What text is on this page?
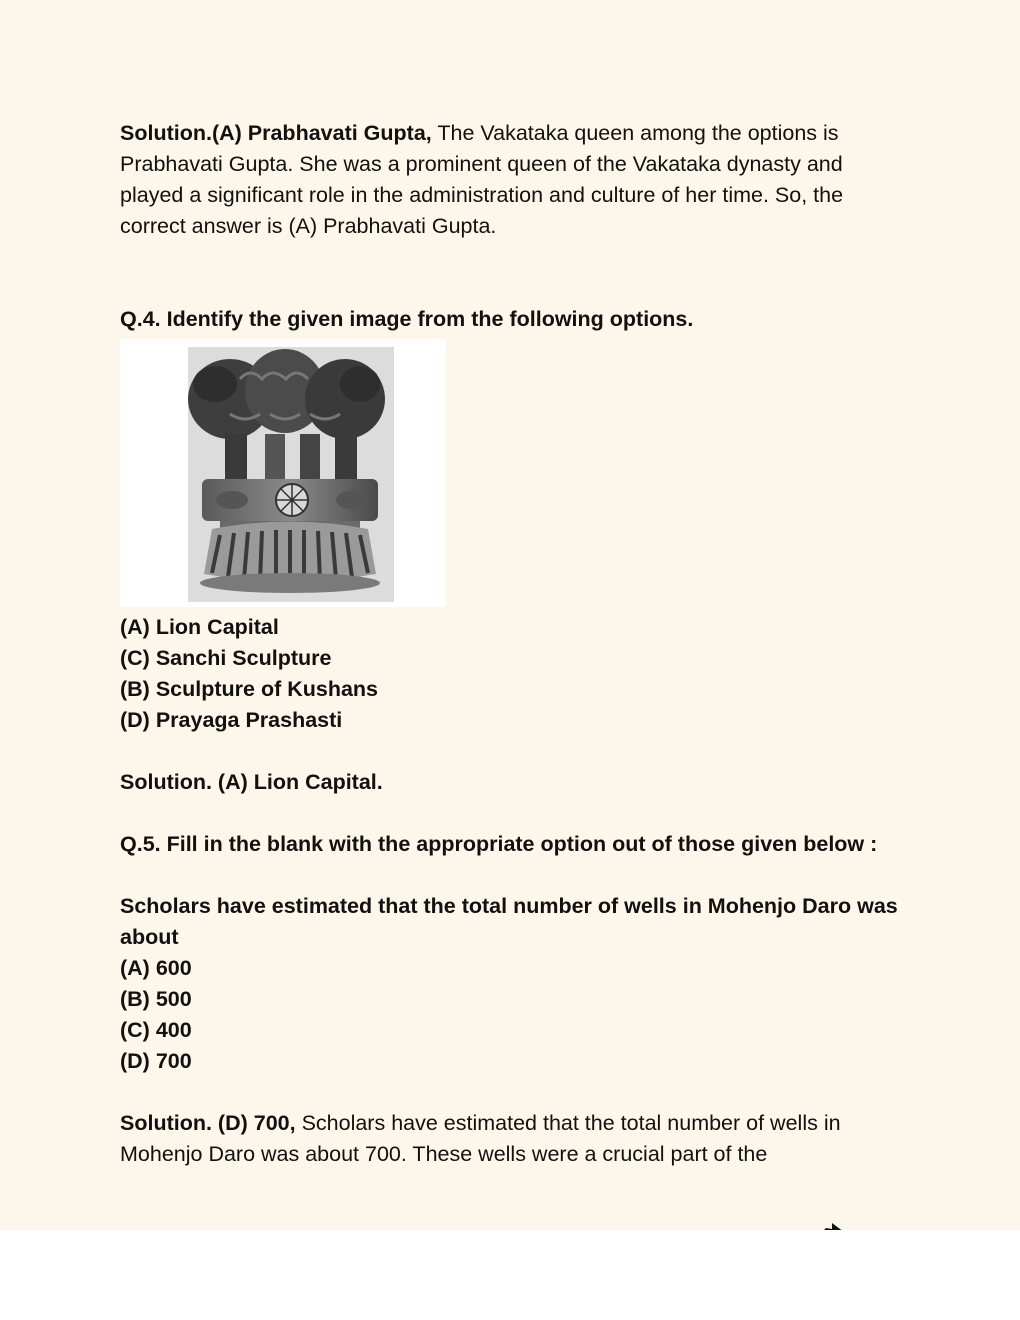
Solution.(A) Prabhavati Gupta, The Vakataka queen among the options is Prabhavati Gupta. She was a prominent queen of the Vakataka dynasty and played a significant role in the administration and culture of her time. So, the correct answer is (A) Prabhavati Gupta.

Q.4. Identify the given image from the following options.

(A) Lion Capital
(C) Sanchi Sculpture
(B) Sculpture of Kushans
(D) Prayaga Prashasti

Solution. (A) Lion Capital.

Q.5. Fill in the blank with the appropriate option out of those given below :

Scholars have estimated that the total number of wells in Mohenjo Daro was about

(A) 600
(B) 500
(C) 400
(D) 700

Solution. (D) 700, Scholars have estimated that the total number of wells in Mohenjo Daro was about 700. These wells were a crucial part of the
